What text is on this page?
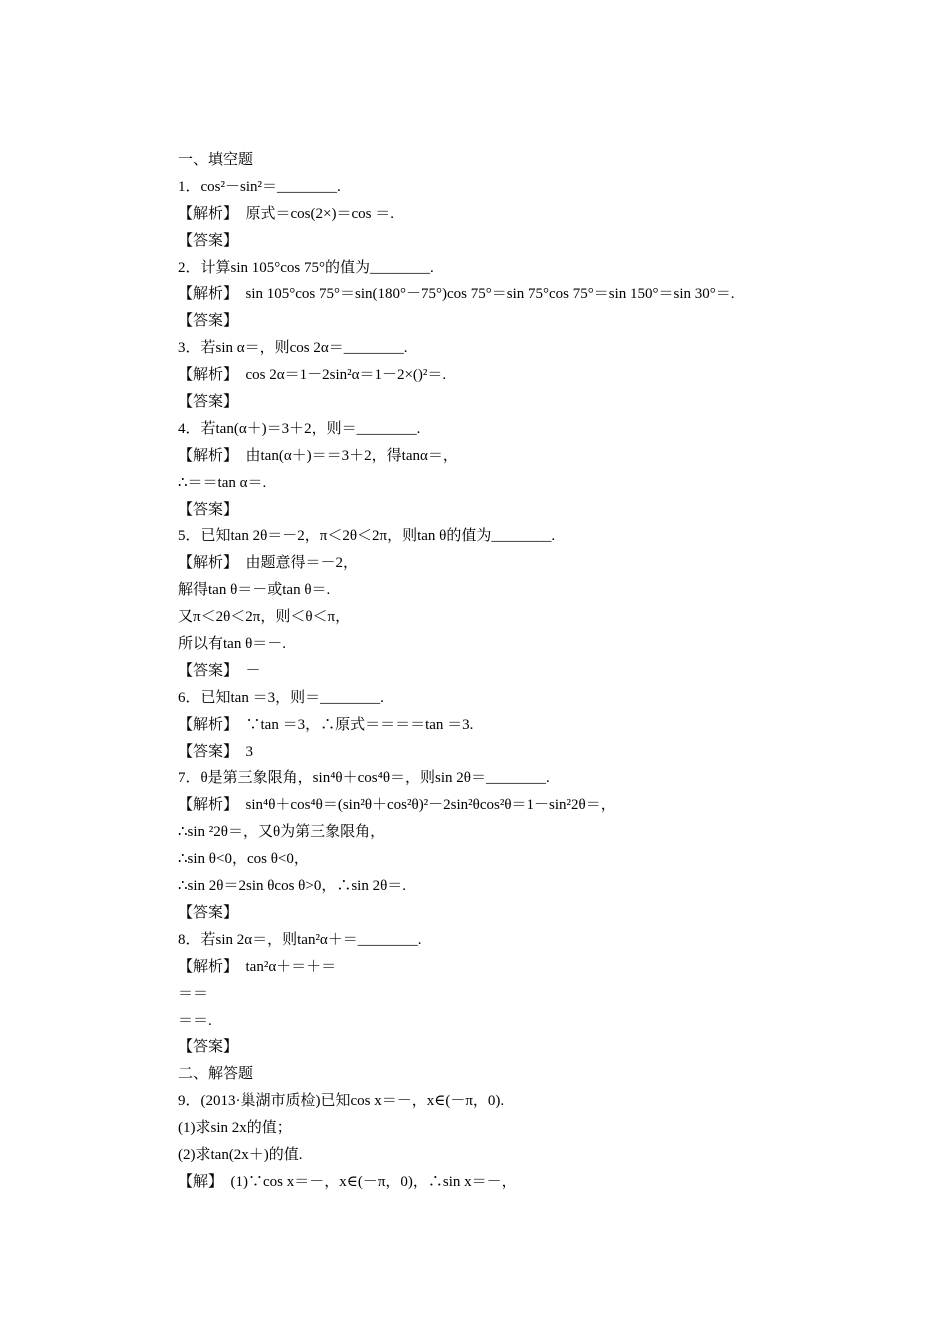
一、填空题
1．cos²－sin²＝________.
【解析】　原式＝cos(2×)＝cos ＝.
【答案】
2．计算sin 105°cos 75°的值为________.
【解析】　sin 105°cos 75°＝sin(180°－75°)cos 75°＝sin 75°cos 75°＝sin 150°＝sin 30°＝.
【答案】
3．若sin α＝，则cos 2α＝________.
【解析】　cos 2α＝1－2sin²α＝1－2×()²＝.
【答案】
4．若tan(α＋)＝3＋2，则＝________.
【解析】　由tan(α＋)＝＝3＋2，得tanα＝，
∴＝＝tan α＝.
【答案】
5．已知tan 2θ＝－2，π＜2θ＜2π，则tan θ的值为________.
【解析】　由题意得＝－2，
解得tan θ＝－或tan θ＝.
又π＜2θ＜2π，则＜θ＜π，
所以有tan θ＝－.
【答案】　－
6．已知tan ＝3，则＝________.
【解析】　∵tan ＝3，∴原式＝＝＝＝tan ＝3.
【答案】　3
7．θ是第三象限角，sin⁴θ＋cos⁴θ＝，则sin 2θ＝________.
【解析】　sin⁴θ＋cos⁴θ＝(sin²θ＋cos²θ)²－2sin²θcos²θ＝1－sin²2θ＝，
∴sin ²2θ＝，又θ为第三象限角，
∴sin θ<0，cos θ<0，
∴sin 2θ＝2sin θcos θ>0，∴sin 2θ＝.
【答案】
8．若sin 2α＝，则tan²α＋＝________.
【解析】　tan²α＋＝＋＝
＝＝
＝＝.
【答案】
二、解答题
9．(2013·巢湖市质检)已知cos x＝－，x∈(－π，0).
(1)求sin 2x的值；
(2)求tan(2x＋)的值.
【解】　(1)∵cos x＝－，x∈(－π，0)，∴sin x＝－，
